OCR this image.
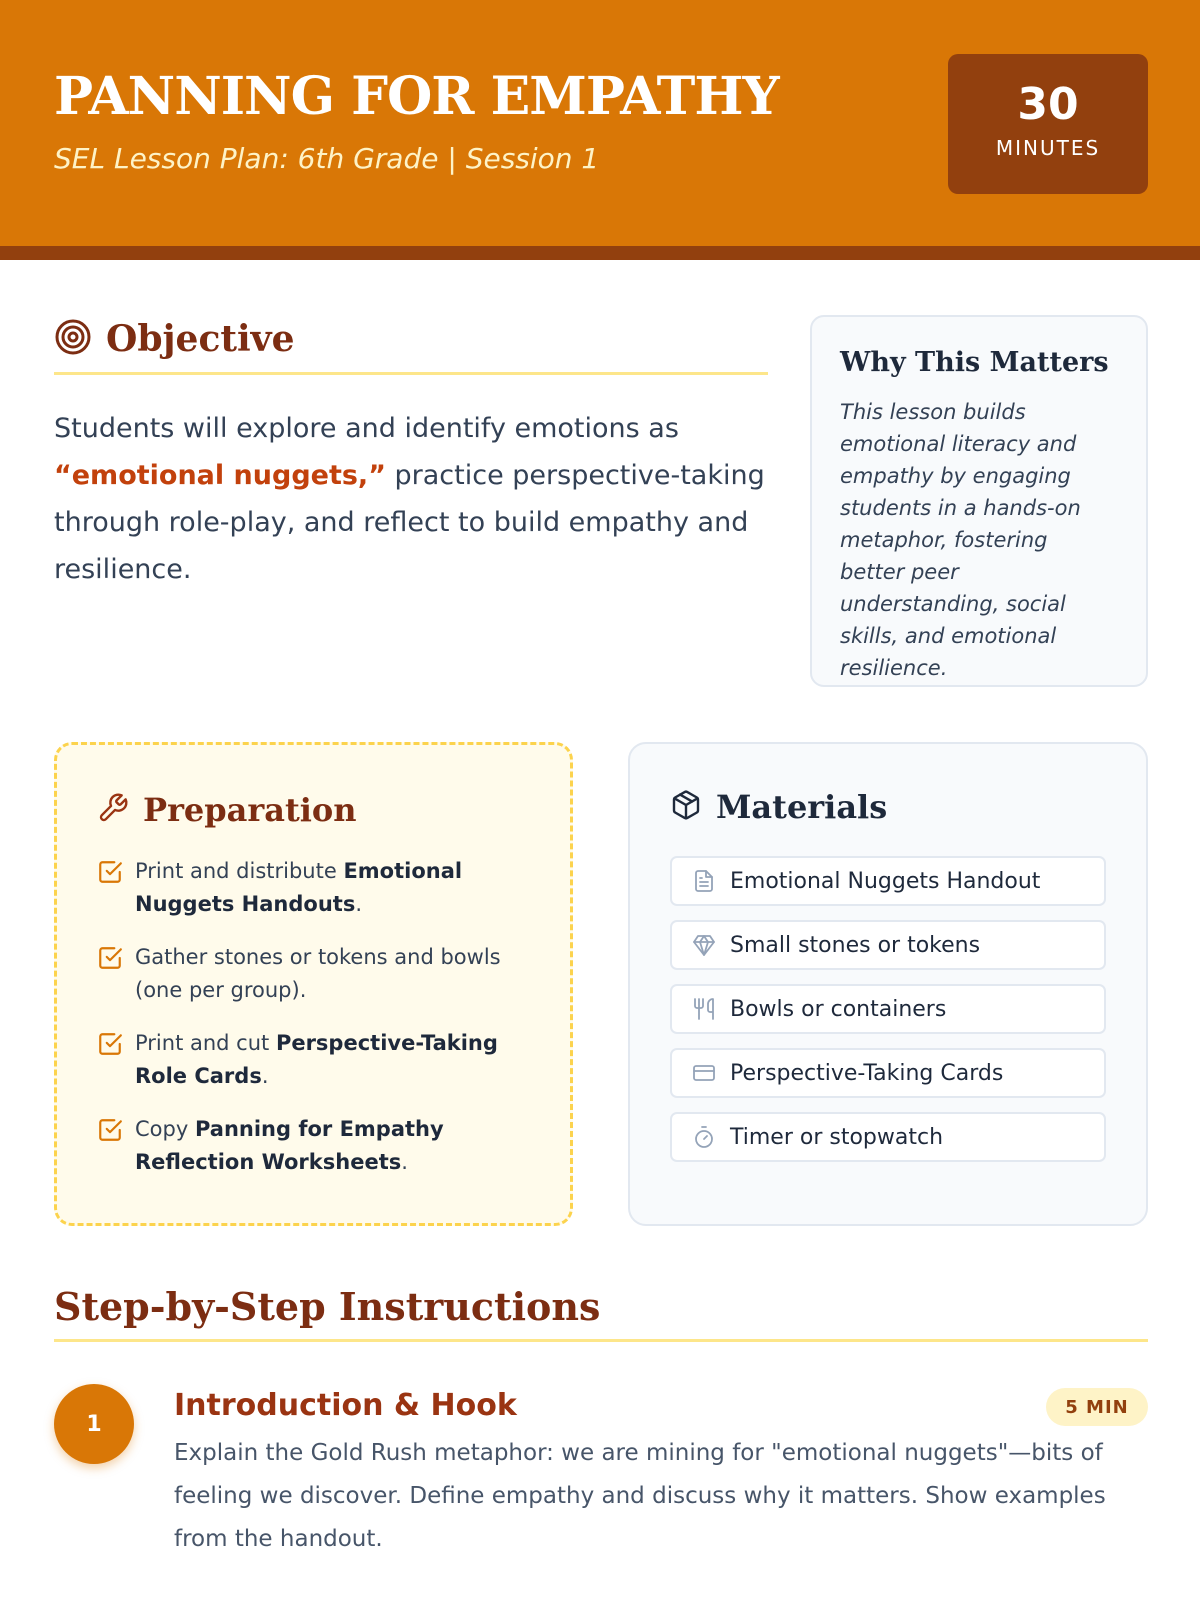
PANNING FOR EMPATHY
SEL Lesson Plan: 6th Grade | Session 1
30
MINUTES
Objective

Students will explore and identify emotions as “emotional nuggets,” practice perspective-taking through role-play, and reflect to build empathy and resilience.

Why This Matters

This lesson builds emotional literacy and empathy by engaging students in a hands-on metaphor, fostering better peer understanding, social skills, and emotional resilience.

Preparation
Print and distribute Emotional Nuggets Handouts.
Gather stones or tokens and bowls (one per group).
Print and cut Perspective-Taking Role Cards.
Copy Panning for Empathy Reflection Worksheets.
Materials
Emotional Nuggets Handout
Small stones or tokens
Bowls or containers
Perspective-Taking Cards
Timer or stopwatch
Step-by-Step Instructions
1
Introduction & Hook	5 MIN

Explain the Gold Rush metaphor: we are mining for "emotional nuggets"—bits of feeling we discover. Define empathy and discuss why it matters. Show examples from the handout.
